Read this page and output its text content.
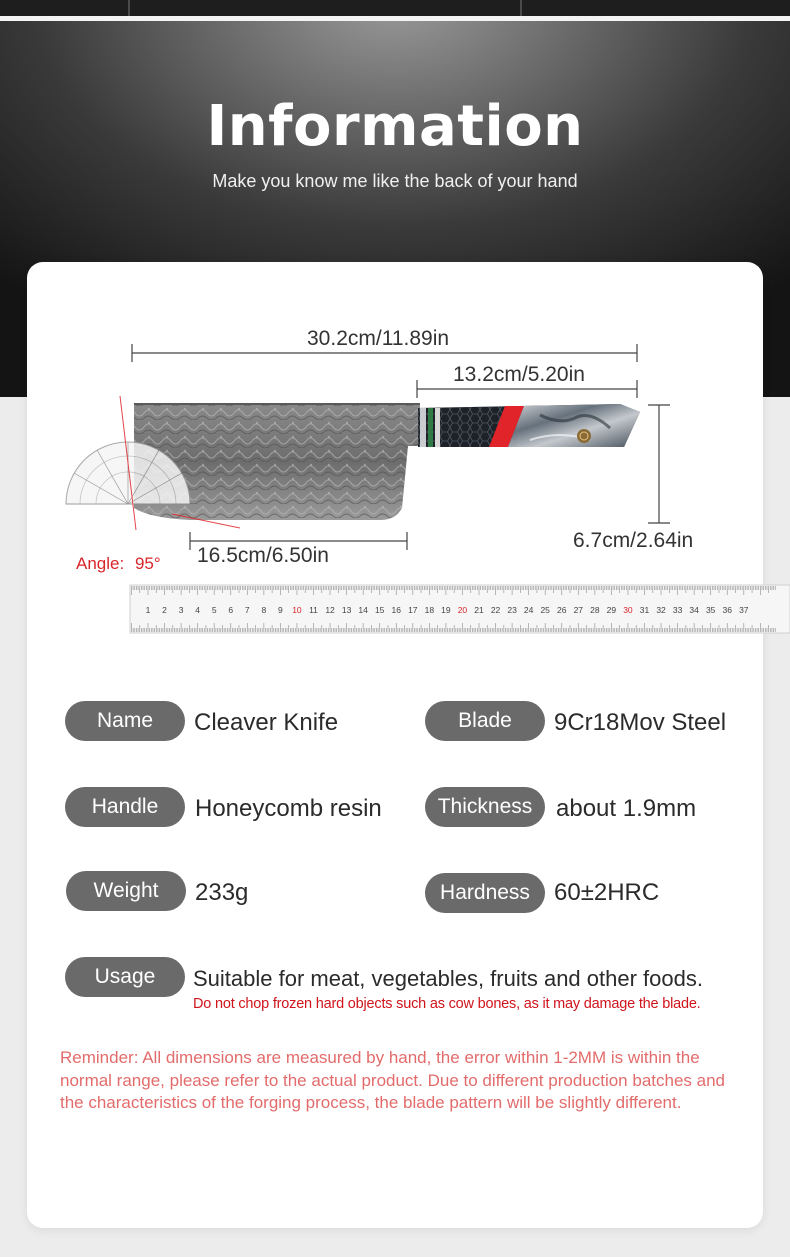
Information
Make you know me like the back of your hand
1 2 3 4 5 6 7 8 9 10 11 12 13 14 15 16 17 18 19 20 21 22 23 24 25 26 27 28 29 30 31 32 33 34 35 36 37
30.2cm/11.89in
13.2cm/5.20in
16.5cm/6.50in
6.7cm/2.64in
Angle: 95°
Name	Cleaver Knife	Blade	9Cr18Mov Steel
Handle	Honeycomb resin	Thickness about 1.9mm
Weight	233g	Hardness	60±2HRC
Usage	Suitable for meat, vegetables, fruits and other foods.
Do not chop frozen hard objects such as cow bones, as it may damage the blade.
Reminder: All dimensions are measured by hand, the error within 1-2MM is within the normal range, please refer to the actual product. Due to different production batches and the characteristics of the forging process, the blade pattern will be slightly different.
